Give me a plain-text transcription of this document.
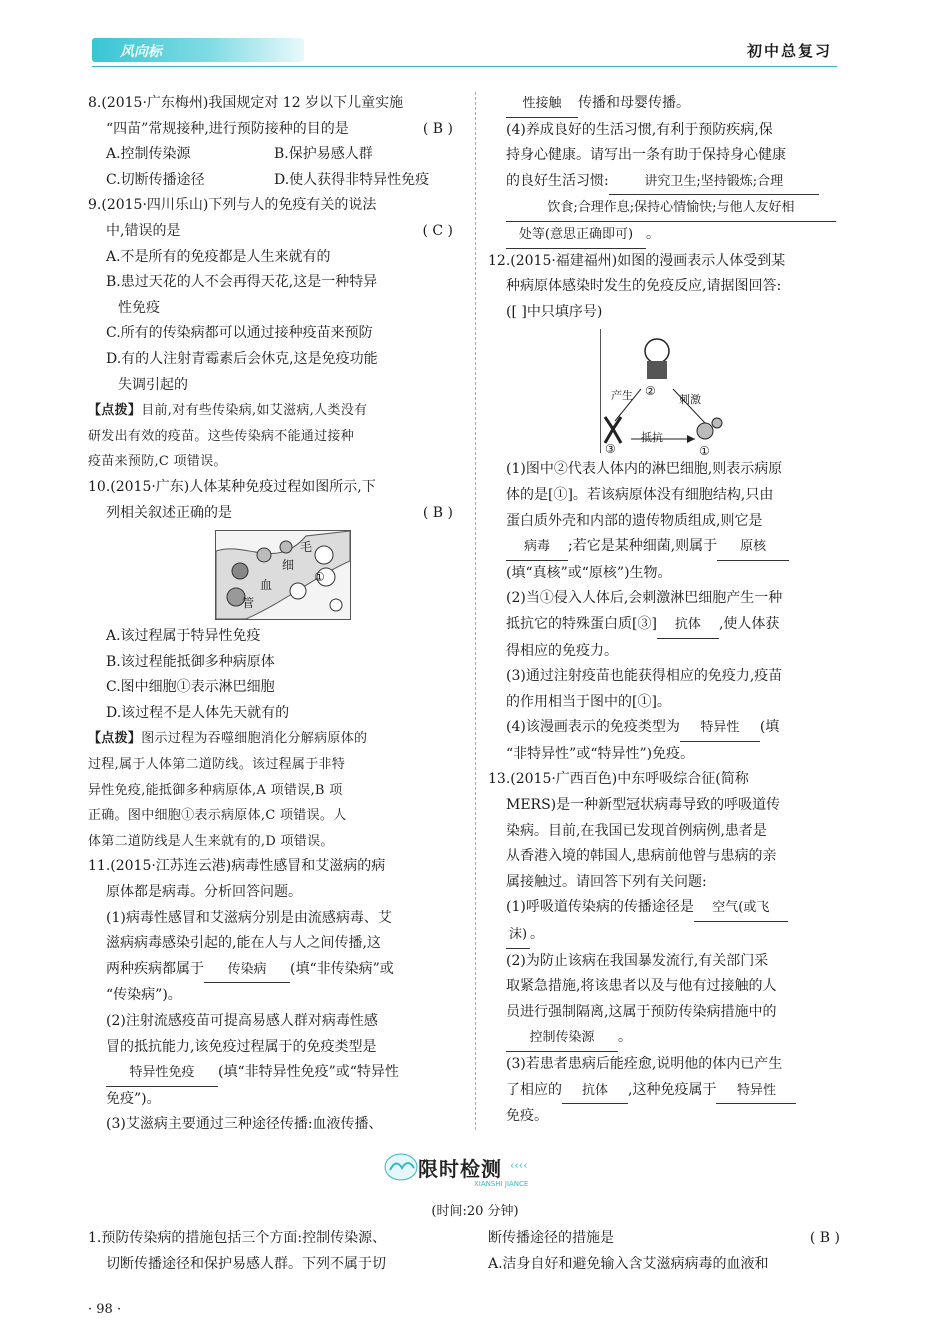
风向标	初中总复习

8.(2015·广东梅州)我国规定对 12 岁以下儿童实施

“四苗”常规接种,进行预防接种的目的是	( B )

A.控制传染源	B.保护易感人群

C.切断传播途径	D.使人获得非特异性免疫

9.(2015·四川乐山)下列与人的免疫有关的说法

中,错误的是	( C )

A.不是所有的免疫都是人生来就有的

B.患过天花的人不会再得天花,这是一种特异

性免疫

C.所有的传染病都可以通过接种疫苗来预防

D.有的人注射青霉素后会休克,这是免疫功能

失调引起的

【点拨】目前,对有些传染病,如艾滋病,人类没有

研发出有效的疫苗。这些传染病不能通过接种

疫苗来预防,C 项错误。

10.(2015·广东)人体某种免疫过程如图所示,下

列相关叙述正确的是	( B )

毛
细
血
管
①

A.该过程属于特异性免疫

B.该过程能抵御多种病原体

C.图中细胞①表示淋巴细胞

D.该过程不是人体先天就有的

【点拨】图示过程为吞噬细胞消化分解病原体的

过程,属于人体第二道防线。该过程属于非特

异性免疫,能抵御多种病原体,A 项错误,B 项

正确。图中细胞①表示病原体,C 项错误。人

体第二道防线是人生来就有的,D 项错误。

11.(2015·江苏连云港)病毒性感冒和艾滋病的病

原体都是病毒。分析回答问题。

(1)病毒性感冒和艾滋病分别是由流感病毒、艾

滋病病毒感染引起的,能在人与人之间传播,这

两种疾病都属于 传染病 (填“非传染病”或

“传染病”)。

(2)注射流感疫苗可提高易感人群对病毒性感

冒的抵抗能力,该免疫过程属于的免疫类型是

特异性免疫 (填“非特异性免疫”或“特异性

免疫”)。

(3)艾滋病主要通过三种途径传播:血液传播、

性接触 传播和母婴传播。

(4)养成良好的生活习惯,有利于预防疾病,保

持身心健康。请写出一条有助于保持身心健康

的良好生活习惯:	讲究卫生;坚持锻炼;合理

饮食;合理作息;保持心情愉快;与他人友好相

处等(意思正确即可) 。

12.(2015·福建福州)如图的漫画表示人体受到某

种病原体感染时发生的免疫反应,请据图回答:

([ ]中只填序号)

②
产生	刺激
③
抵抗
①

(1)图中②代表人体内的淋巴细胞,则表示病原

体的是[①]。若该病原体没有细胞结构,只由

蛋白质外壳和内部的遗传物质组成,则它是

病毒 ;若它是某种细菌,则属于 原核

(填“真核”或“原核”)生物。

(2)当①侵入人体后,会刺激淋巴细胞产生一种

抵抗它的特殊蛋白质[③] 抗体 ,使人体获

得相应的免疫力。

(3)通过注射疫苗也能获得相应的免疫力,疫苗

的作用相当于图中的[①]。

(4)该漫画表示的免疫类型为 特异性 (填

“非特异性”或“特异性”)免疫。

13.(2015·广西百色)中东呼吸综合征(简称

MERS)是一种新型冠状病毒导致的呼吸道传

染病。目前,在我国已发现首例病例,患者是

从香港入境的韩国人,患病前他曾与患病的亲

属接触过。请回答下列有关问题:

(1)呼吸道传染病的传播途径是 空气(或飞

沫) 。

(2)为防止该病在我国暴发流行,有关部门采

取紧急措施,将该患者以及与他有过接触的人

员进行强制隔离,这属于预防传染病措施中的

控制传染源 。

(3)若患者患病后能痊愈,说明他的体内已产生

了相应的 抗体 ,这种免疫属于 特异性

免疫。

限时检测 ‹‹‹‹
XIANSHI JIANCE
(时间:20 分钟)

1.预防传染病的措施包括三个方面:控制传染源、

切断传播途径和保护易感人群。下列不属于切

断传播途径的措施是	( B )

A.洁身自好和避免输入含艾滋病病毒的血液和

· 98 ·
